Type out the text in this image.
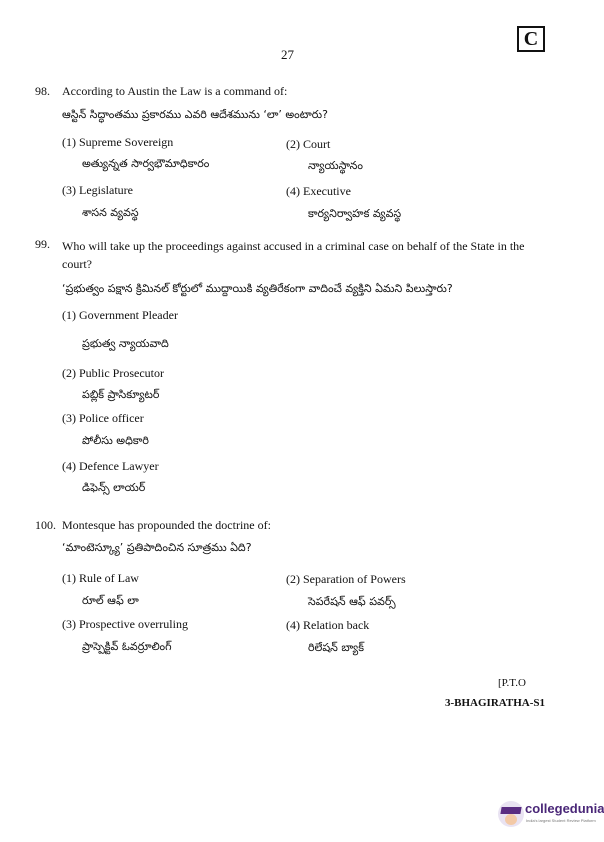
C
27
98. According to Austin the Law is a command of:
ఆస్టిన్ సిద్ధాంతము ప్రకారము ఎవరి ఆదేశమును ‘లా’ అంటారు?
(1) Supreme Sovereign
అత్యున్నత సార్వభౌమాధికారం
(2) Court
న్యాయస్థానం
(3) Legislature
శాసన వ్యవస్థ
(4) Executive
కార్యనిర్వాహక వ్యవస్థ
99. Who will take up the proceedings against accused in a criminal case on behalf of the State in the court?
‘ప్రభుత్వం పక్షాన క్రిమినల్ కోర్టులో ముద్దాయికి వ్యతిరేకంగా వాదించే వ్యక్తిని ఏమని పిలుస్తారు?
(1) Government Pleader
ప్రభుత్వ న్యాయవాది
(2) Public Prosecutor
పబ్లిక్ ప్రాసిక్యూటర్
(3) Police officer
పోలీసు అధికారి
(4) Defence Lawyer
డిఫెన్స్ లాయర్
100. Montesque has propounded the doctrine of:
‘మాంటెస్క్యూ’ ప్రతిపాదించిన సూత్రము ఏది?
(1) Rule of Law
రూల్ ఆఫ్ లా
(2) Separation of Powers
సెపరేషన్ ఆఫ్ పవర్స్
(3) Prospective overruling
ప్రాస్పెక్టివ్ ఓవర్రూలింగ్
(4) Relation back
రిలేషన్ బ్యాక్
[P.T.O
3-BHAGIRATHA-S1
collegedunia
India's largest Student Review Platform
